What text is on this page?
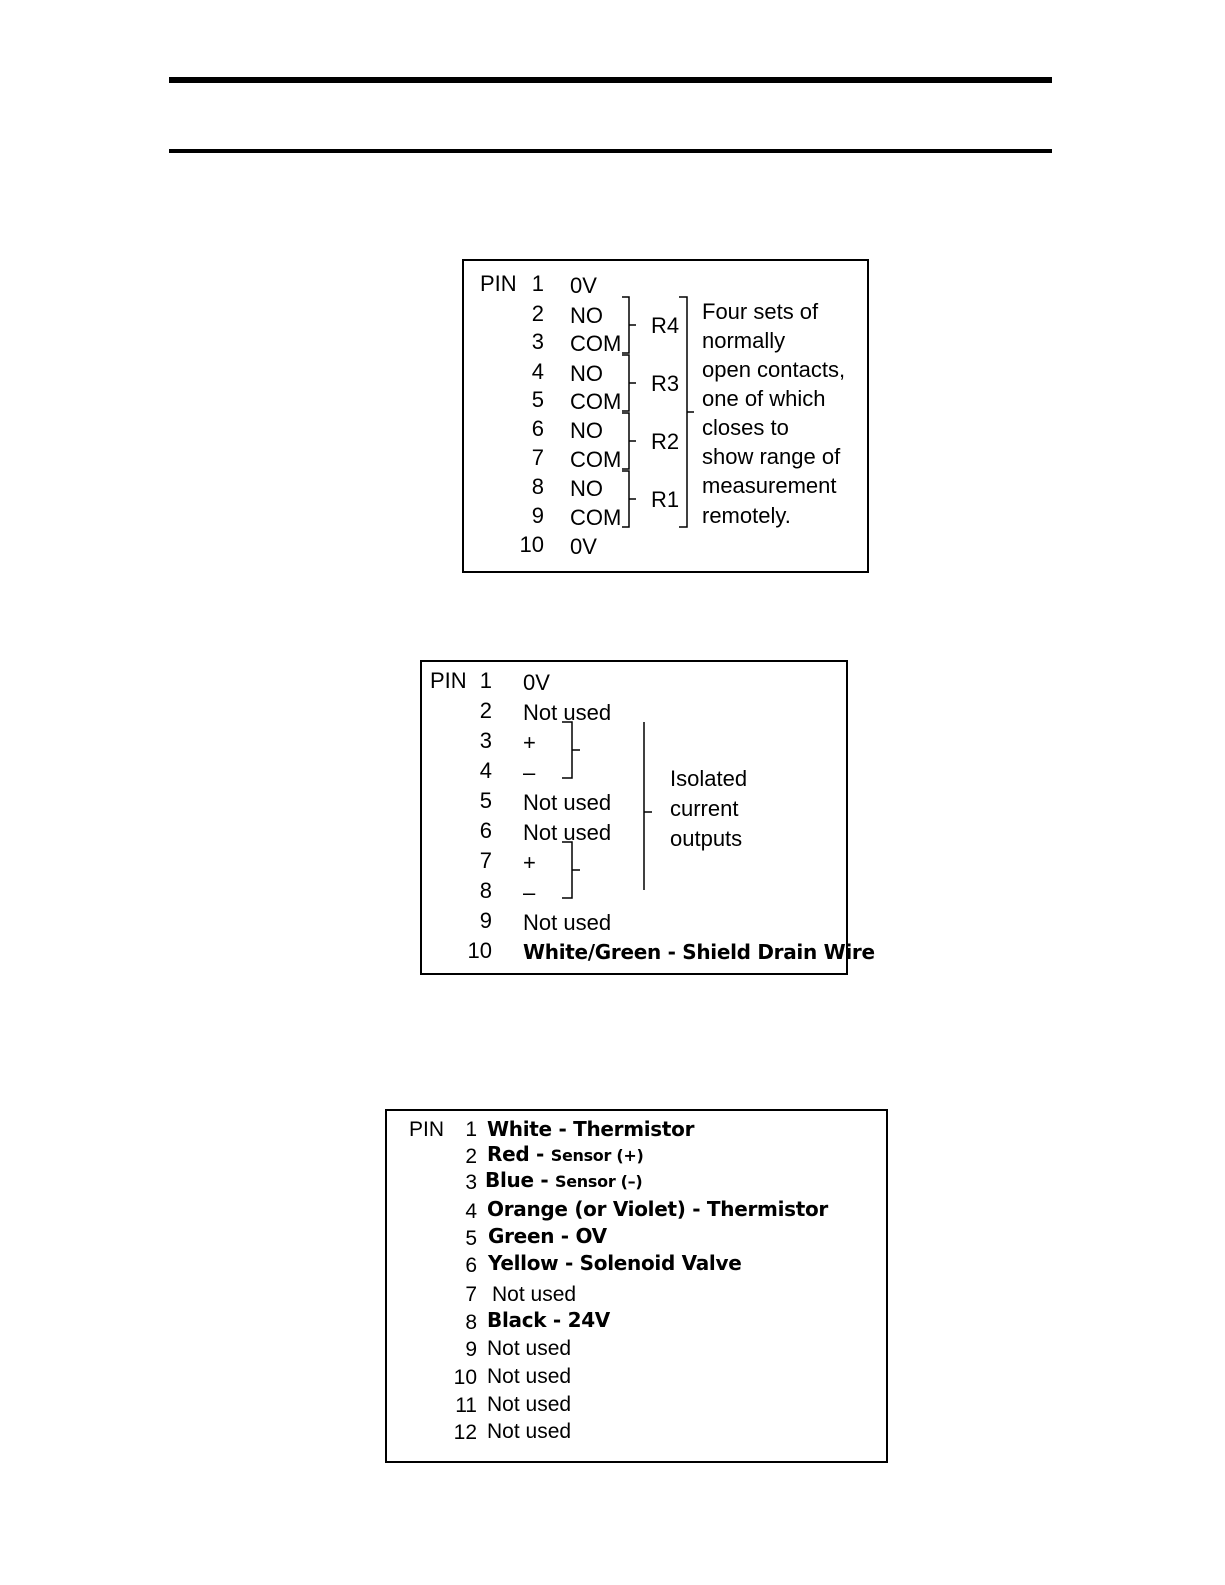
PIN 1 0V
2 NO
3 COM
4 NO
5 COM
6 NO
7 COM
8 NO
9 COM
10 0V
R4
R3
R2
R1
Four sets of
normally
open contacts,
one of which
closes to
show range of
measurement
remotely.
PIN 1 0V
2 Not used
3 +
4 –
5 Not used
6 Not used
7 +
8 –
9 Not used
10 White/Green - Shield Drain Wire
Isolated
current
outputs
PIN	1 White - Thermistor
2 Red - Sensor (+)
3 Blue - Sensor (–)
4 Orange (or Violet) - Thermistor
5 Green - OV
6 Yellow - Solenoid Valve
7 Not used
8 Black - 24V
9 Not used
10 Not used
11 Not used
12 Not used
